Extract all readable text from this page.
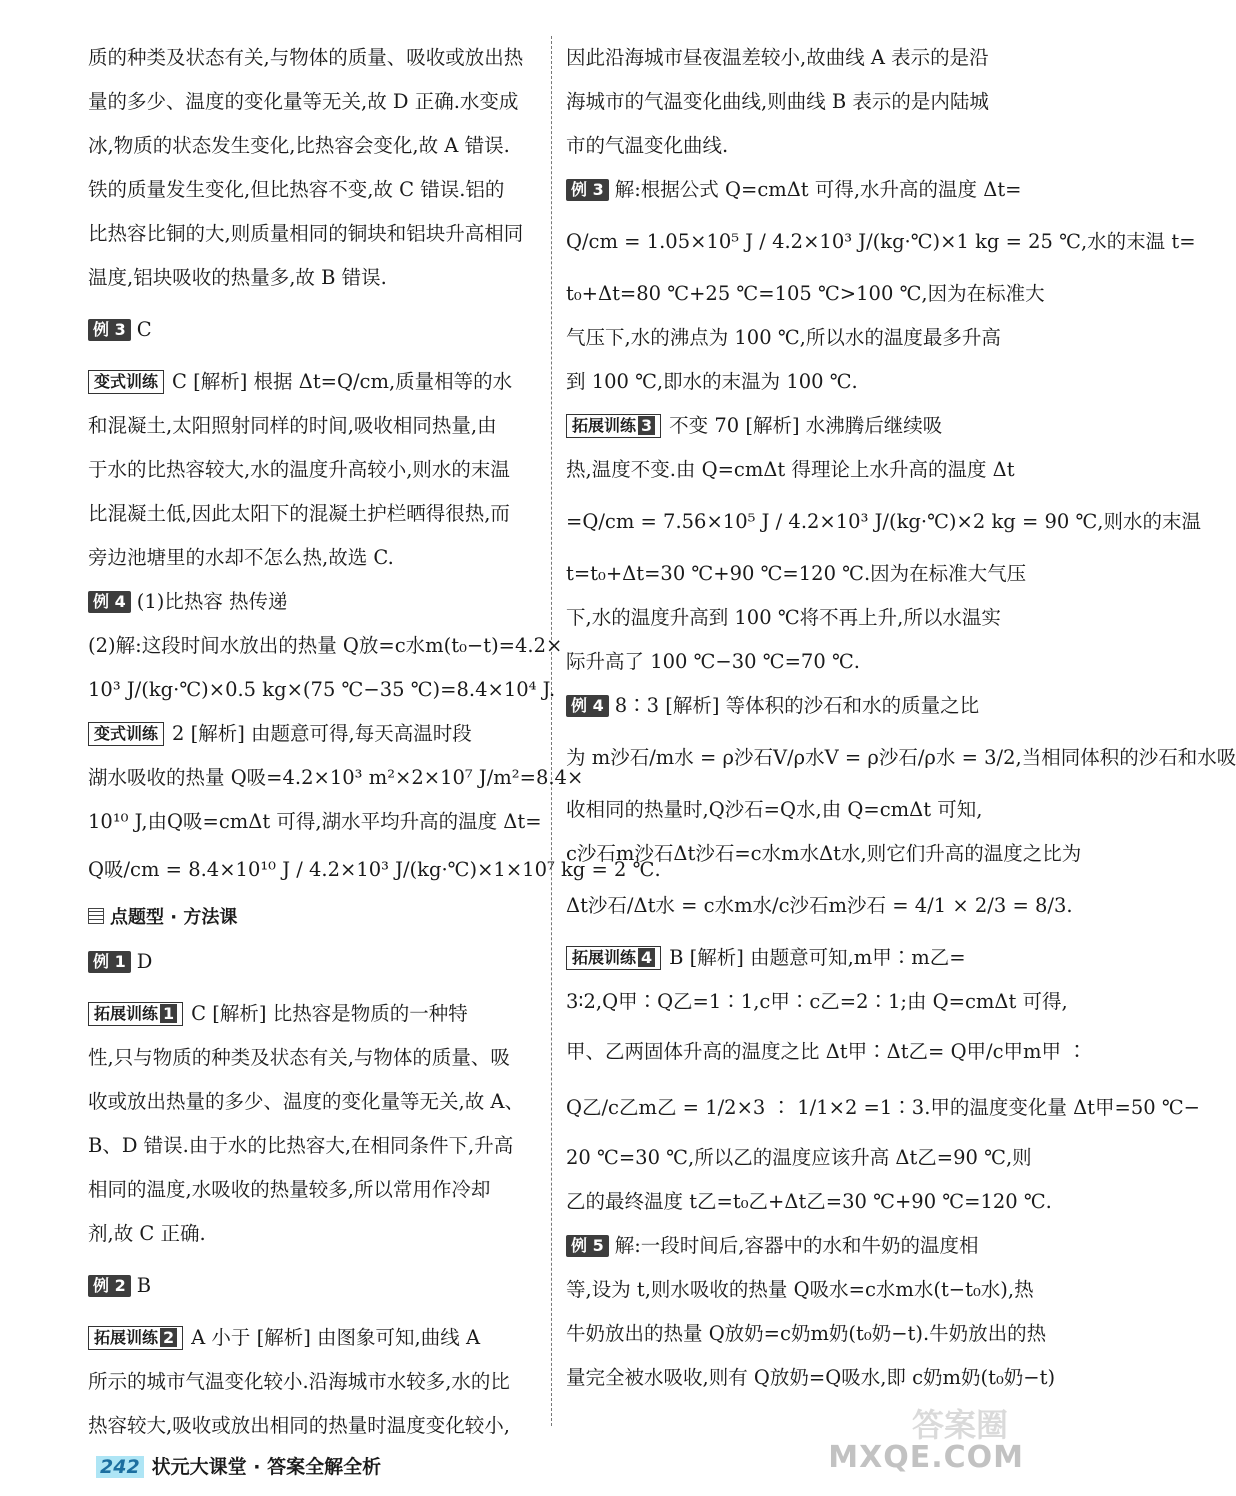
质的种类及状态有关,与物体的质量、吸收或放出热
量的多少、温度的变化量等无关,故 D 正确.水变成
冰,物质的状态发生变化,比热容会变化,故 A 错误.
铁的质量发生变化,但比热容不变,故 C 错误.铝的
比热容比铜的大,则质量相同的铜块和铝块升高相同
温度,铝块吸收的热量多,故 B 错误.
例 3 C
变式训练 C [解析] 根据 Δt=Q/cm,质量相等的水
和混凝土,太阳照射同样的时间,吸收相同热量,由
于水的比热容较大,水的温度升高较小,则水的末温
比混凝土低,因此太阳下的混凝土护栏晒得很热,而
旁边池塘里的水却不怎么热,故选 C.
例 4 (1)比热容 热传递
(2)解:这段时间水放出的热量 Q放=c水m(t₀−t)=4.2×
10³ J/(kg·℃)×0.5 kg×(75 ℃−35 ℃)=8.4×10⁴ J.
变式训练 2 [解析] 由题意可得,每天高温时段
湖水吸收的热量 Q吸=4.2×10³ m²×2×10⁷ J/m²=8.4×
10¹⁰ J,由Q吸=cmΔt 可得,湖水平均升高的温度 Δt=
Q吸/cm = 8.4×10¹⁰ J / 4.2×10³ J/(kg·℃)×1×10⁷ kg = 2 ℃.
点题型 · 方法课
例 1 D
拓展训练 1 C [解析] 比热容是物质的一种特
性,只与物质的种类及状态有关,与物体的质量、吸
收或放出热量的多少、温度的变化量等无关,故 A、
B、D 错误.由于水的比热容大,在相同条件下,升高
相同的温度,水吸收的热量较多,所以常用作冷却
剂,故 C 正确.
例 2 B
拓展训练 2 A 小于 [解析] 由图象可知,曲线 A
所示的城市气温变化较小.沿海城市水较多,水的比
热容较大,吸收或放出相同的热量时温度变化较小,
因此沿海城市昼夜温差较小,故曲线 A 表示的是沿
海城市的气温变化曲线,则曲线 B 表示的是内陆城
市的气温变化曲线.
例 3 解:根据公式 Q=cmΔt 可得,水升高的温度 Δt=
Q/cm = 1.05×10⁵ J / 4.2×10³ J/(kg·℃)×1 kg = 25 ℃,水的末温 t=
t₀+Δt=80 ℃+25 ℃=105 ℃>100 ℃,因为在标准大
气压下,水的沸点为 100 ℃,所以水的温度最多升高
到 100 ℃,即水的末温为 100 ℃.
拓展训练 3 不变 70 [解析] 水沸腾后继续吸
热,温度不变.由 Q=cmΔt 得理论上水升高的温度 Δt
=Q/cm = 7.56×10⁵ J / 4.2×10³ J/(kg·℃)×2 kg = 90 ℃,则水的末温
t=t₀+Δt=30 ℃+90 ℃=120 ℃.因为在标准大气压
下,水的温度升高到 100 ℃将不再上升,所以水温实
际升高了 100 ℃−30 ℃=70 ℃.
例 4 8∶3 [解析] 等体积的沙石和水的质量之比
为 m沙石/m水 = ρ沙石V/ρ水V = ρ沙石/ρ水 = 3/2,当相同体积的沙石和水吸
收相同的热量时,Q沙石=Q水,由 Q=cmΔt 可知,
c沙石m沙石Δt沙石=c水m水Δt水,则它们升高的温度之比为
Δt沙石/Δt水 = c水m水/c沙石m沙石 = 4/1 × 2/3 = 8/3.
拓展训练 4 B [解析] 由题意可知,m甲∶m乙=
3∶2,Q甲∶Q乙=1∶1,c甲∶c乙=2∶1;由 Q=cmΔt 可得,
甲、乙两固体升高的温度之比 Δt甲∶Δt乙= Q甲/c甲m甲 ∶
Q乙/c乙m乙 = 1/2×3 ∶ 1/1×2 =1∶3.甲的温度变化量 Δt甲=50 ℃−
20 ℃=30 ℃,所以乙的温度应该升高 Δt乙=90 ℃,则
乙的最终温度 t乙=t₀乙+Δt乙=30 ℃+90 ℃=120 ℃.
例 5 解:一段时间后,容器中的水和牛奶的温度相
等,设为 t,则水吸收的热量 Q吸水=c水m水(t−t₀水),热
牛奶放出的热量 Q放奶=c奶m奶(t₀奶−t).牛奶放出的热
量完全被水吸收,则有 Q放奶=Q吸水,即 c奶m奶(t₀奶−t)
答案圈
MXQE.COM
242 状元大课堂 · 答案全解全析
